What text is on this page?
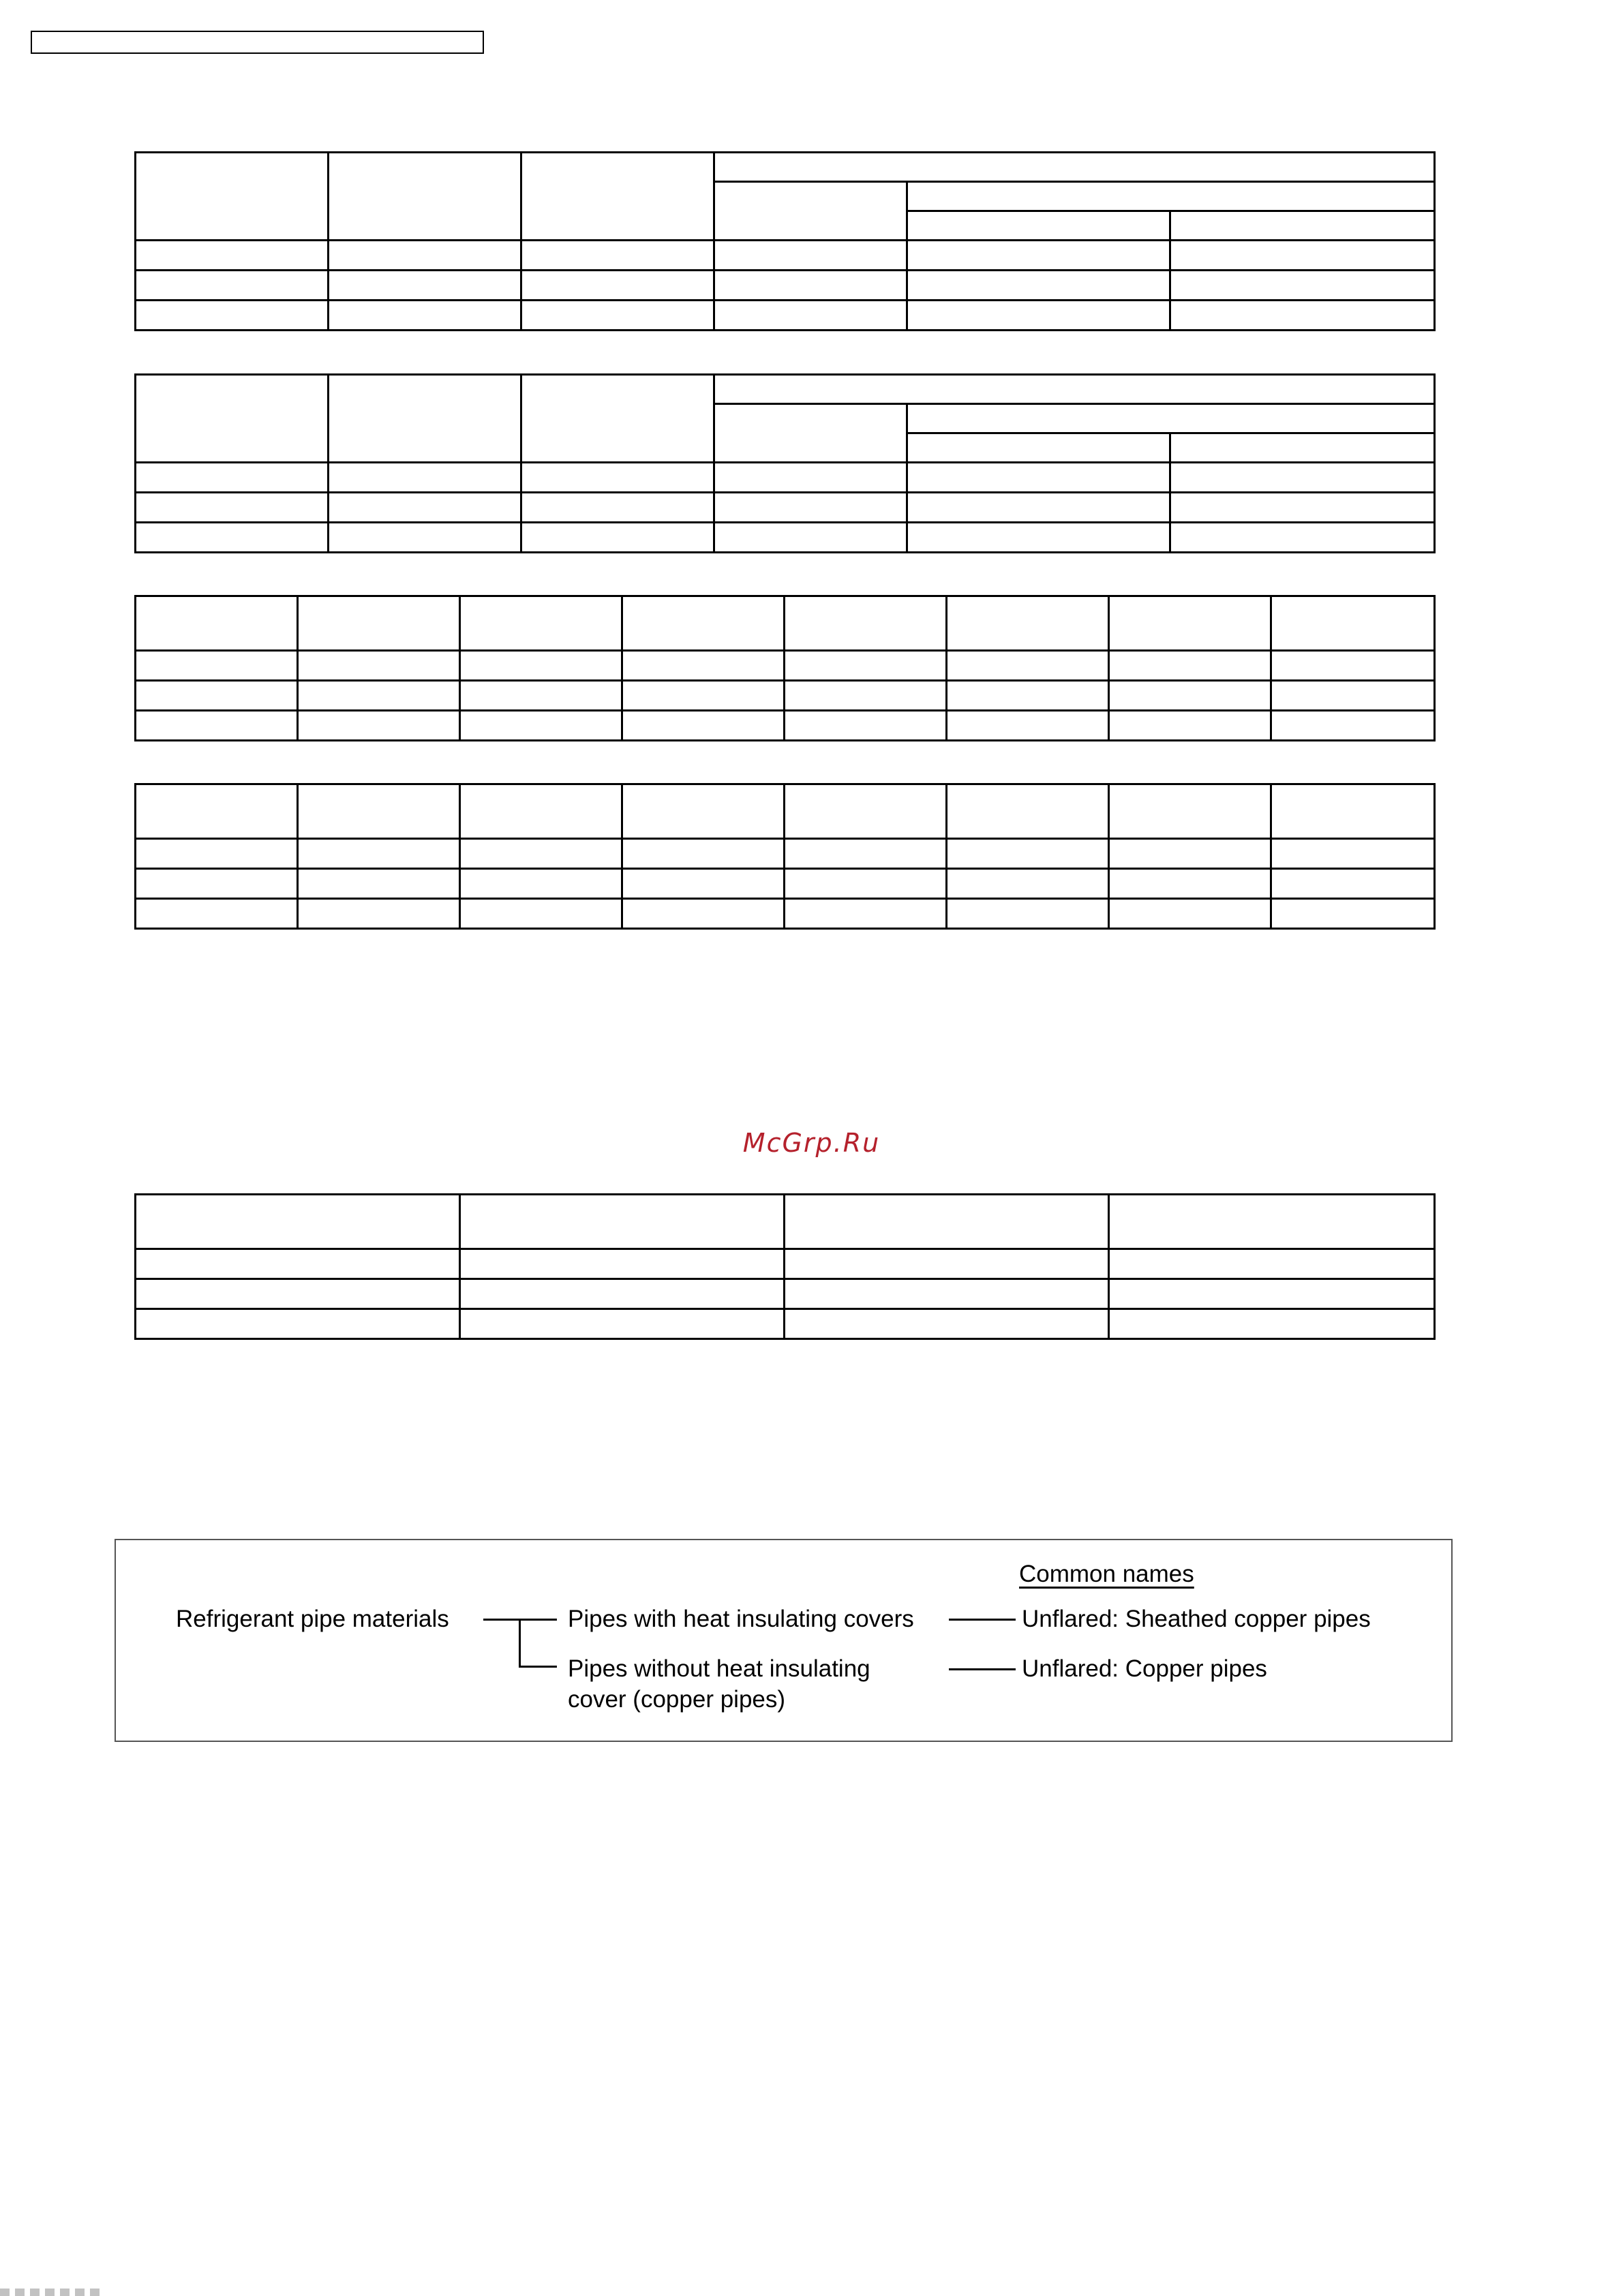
McGrp.Ru

Common names
Refrigerant pipe materials	Pipes with heat insulating covers
Pipes without heat insulating
cover (copper pipes)
Unflared: Sheathed copper pipes
Unflared: Copper pipes
